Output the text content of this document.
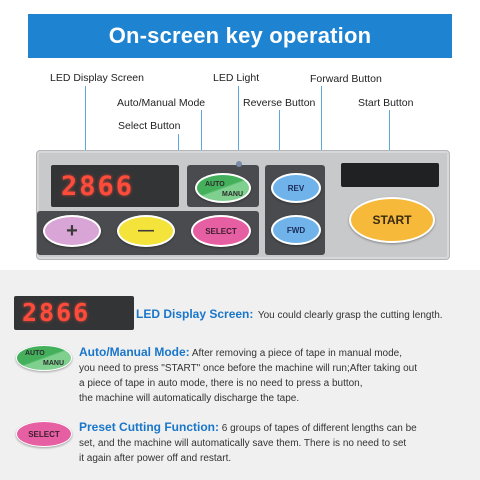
On-screen key operation
LED Display Screen	LED Light	Forward Button
Auto/Manual Mode	Reverse Button	Start Button
Select Button
2866	AUTO
MANU
REV
FWD
+	—	SELECT
START
2866	LED Display Screen: You could clearly grasp the cutting length.
AUTO
MANU
Auto/Manual Mode: After removing a piece of tape in manual mode,
you need to press "START" once before the machine will run;After taking out
a piece of tape in auto mode, there is no need to press a button,
the machine will automatically discharge the tape.
SELECT	Preset Cutting Function: 6 groups of tapes of different lengths can be
set, and the machine will automatically save them. There is no need to set
it again after power off and restart.
